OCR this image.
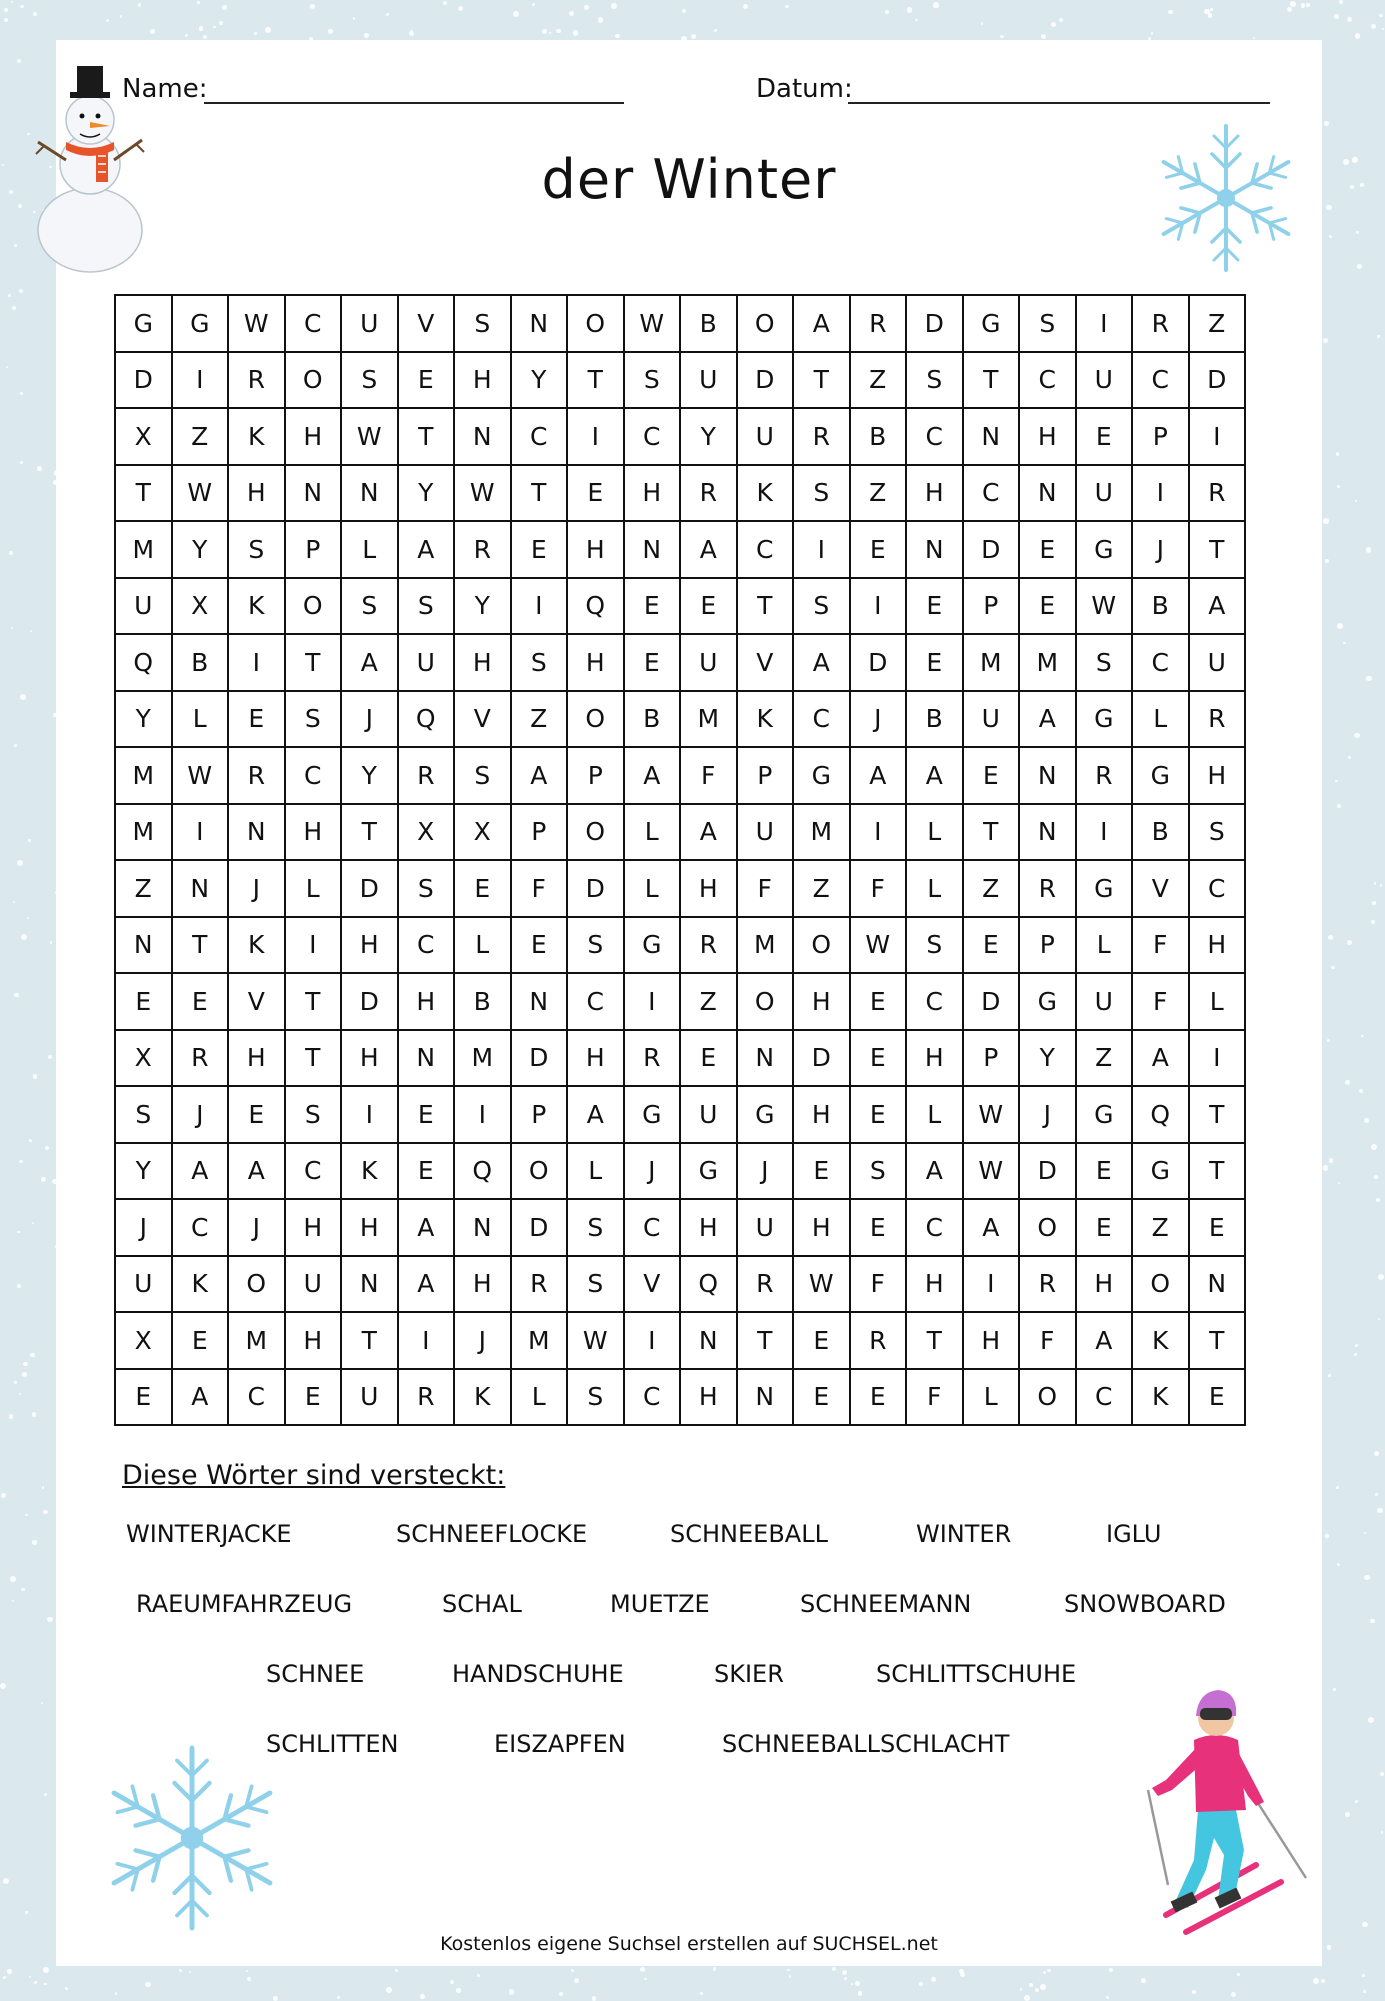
Name:	Datum:
der Winter
G	G	W	C	U	V	S	N	O	W	B	O	A	R	D	G	S	I	R	Z
D	I	R	O	S	E	H	Y	T	S	U	D	T	Z	S	T	C	U	C	D
X	Z	K	H	W	T	N	C	I	C	Y	U	R	B	C	N	H	E	P	I
T	W	H	N	N	Y	W	T	E	H	R	K	S	Z	H	C	N	U	I	R
M	Y	S	P	L	A	R	E	H	N	A	C	I	E	N	D	E	G	J	T
U	X	K	O	S	S	Y	I	Q	E	E	T	S	I	E	P	E	W	B	A
Q	B	I	T	A	U	H	S	H	E	U	V	A	D	E	M	M	S	C	U
Y	L	E	S	J	Q	V	Z	O	B	M	K	C	J	B	U	A	G	L	R
M	W	R	C	Y	R	S	A	P	A	F	P	G	A	A	E	N	R	G	H
M	I	N	H	T	X	X	P	O	L	A	U	M	I	L	T	N	I	B	S
Z	N	J	L	D	S	E	F	D	L	H	F	Z	F	L	Z	R	G	V	C
N	T	K	I	H	C	L	E	S	G	R	M	O	W	S	E	P	L	F	H
E	E	V	T	D	H	B	N	C	I	Z	O	H	E	C	D	G	U	F	L
X	R	H	T	H	N	M	D	H	R	E	N	D	E	H	P	Y	Z	A	I
S	J	E	S	I	E	I	P	A	G	U	G	H	E	L	W	J	G	Q	T
Y	A	A	C	K	E	Q	O	L	J	G	J	E	S	A	W	D	E	G	T
J	C	J	H	H	A	N	D	S	C	H	U	H	E	C	A	O	E	Z	E
U	K	O	U	N	A	H	R	S	V	Q	R	W	F	H	I	R	H	O	N
X	E	M	H	T	I	J	M	W	I	N	T	E	R	T	H	F	A	K	T
E	A	C	E	U	R	K	L	S	C	H	N	E	E	F	L	O	C	K	E
Diese Wörter sind versteckt:
WINTERJACKE	SCHNEEFLOCKE	SCHNEEBALL	WINTER	IGLU
RAEUMFAHRZEUG	SCHAL	MUETZE	SCHNEEMANN	SNOWBOARD
SCHNEE	HANDSCHUHE	SKIER	SCHLITTSCHUHE
SCHLITTEN	EISZAPFEN	SCHNEEBALLSCHLACHT
Kostenlos eigene Suchsel erstellen auf SUCHSEL.net
